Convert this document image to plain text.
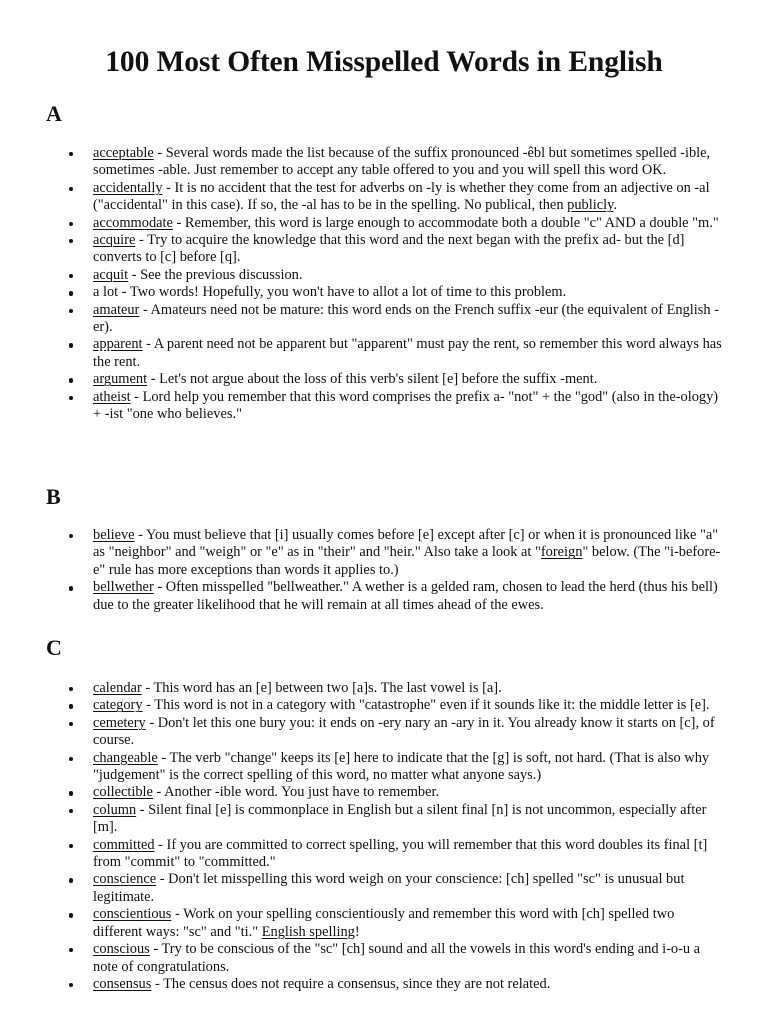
100 Most Often Misspelled Words in English
A
acceptable - Several words made the list because of the suffix pronounced -êbl but sometimes spelled -ible, sometimes -able. Just remember to accept any table offered to you and you will spell this word OK.
accidentally - It is no accident that the test for adverbs on -ly is whether they come from an adjective on -al ("accidental" in this case). If so, the -al has to be in the spelling. No publical, then publicly.
accommodate - Remember, this word is large enough to accommodate both a double "c" AND a double "m."
acquire - Try to acquire the knowledge that this word and the next began with the prefix ad- but the [d] converts to [c] before [q].
acquit - See the previous discussion.
a lot - Two words! Hopefully, you won't have to allot a lot of time to this problem.
amateur - Amateurs need not be mature: this word ends on the French suffix -eur (the equivalent of English -er).
apparent - A parent need not be apparent but "apparent" must pay the rent, so remember this word always has the rent.
argument - Let's not argue about the loss of this verb's silent [e] before the suffix -ment.
atheist - Lord help you remember that this word comprises the prefix a- "not" + the "god" (also in the-ology) + -ist "one who believes."
B
believe - You must believe that [i] usually comes before [e] except after [c] or when it is pronounced like "a" as "neighbor" and "weigh" or "e" as in "their" and "heir." Also take a look at "foreign" below. (The "i-before-e" rule has more exceptions than words it applies to.)
bellwether - Often misspelled "bellweather." A wether is a gelded ram, chosen to lead the herd (thus his bell) due to the greater likelihood that he will remain at all times ahead of the ewes.
C
calendar - This word has an [e] between two [a]s. The last vowel is [a].
category - This word is not in a category with "catastrophe" even if it sounds like it: the middle letter is [e].
cemetery - Don't let this one bury you: it ends on -ery nary an -ary in it. You already know it starts on [c], of course.
changeable - The verb "change" keeps its [e] here to indicate that the [g] is soft, not hard. (That is also why "judgement" is the correct spelling of this word, no matter what anyone says.)
collectible - Another -ible word. You just have to remember.
column - Silent final [e] is commonplace in English but a silent final [n] is not uncommon, especially after [m].
committed - If you are committed to correct spelling, you will remember that this word doubles its final [t] from "commit" to "committed."
conscience - Don't let misspelling this word weigh on your conscience: [ch] spelled "sc" is unusual but legitimate.
conscientious - Work on your spelling conscientiously and remember this word with [ch] spelled two different ways: "sc" and "ti." English spelling!
conscious - Try to be conscious of the "sc" [ch] sound and all the vowels in this word's ending and i-o-u a note of congratulations.
consensus - The census does not require a consensus, since they are not related.
